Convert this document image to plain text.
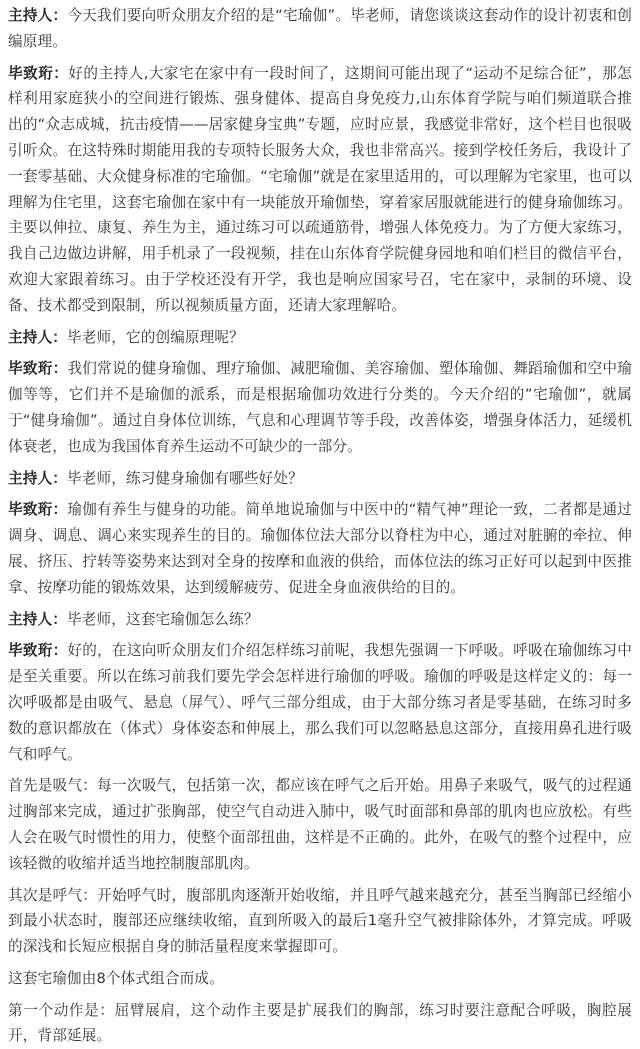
主持人：今天我们要向听众朋友介绍的是“宅瑜伽”。毕老师，请您谈谈这套动作的设计初衷和创编原理。

毕致珩：好的主持人,大家宅在家中有一段时间了，这期间可能出现了“运动不足综合征”，那怎样利用家庭狭小的空间进行锻炼、强身健体、提高自身免疫力,山东体育学院与咱们频道联合推出的“众志成城，抗击疫情——居家健身宝典”专题，应时应景，我感觉非常好，这个栏目也很吸引听众。在这特殊时期能用我的专项特长服务大众，我也非常高兴。接到学校任务后，我设计了一套零基础、大众健身标准的宅瑜伽。“宅瑜伽”就是在家里适用的，可以理解为宅家里，也可以理解为住宅里，这套宅瑜伽在家中有一块能放开瑜伽垫，穿着家居服就能进行的健身瑜伽练习。主要以伸拉、康复、养生为主，通过练习可以疏通筋骨，增强人体免疫力。为了方便大家练习，我自己边做边讲解，用手机录了一段视频，挂在山东体育学院健身园地和咱们栏目的微信平台，欢迎大家跟着练习。由于学校还没有开学，我也是响应国家号召，宅在家中，录制的环境、设备、技术都受到限制，所以视频质量方面，还请大家理解哈。

主持人：毕老师，它的创编原理呢？

毕致珩：我们常说的健身瑜伽、理疗瑜伽、减肥瑜伽、美容瑜伽、塑体瑜伽、舞蹈瑜伽和空中瑜伽等等，它们并不是瑜伽的派系，而是根据瑜伽功效进行分类的。今天介绍的”宅瑜伽”，就属于“健身瑜伽”。通过自身体位训练，气息和心理调节等手段，改善体姿，增强身体活力，延缓机体衰老，也成为我国体育养生运动不可缺少的一部分。

主持人：毕老师，练习健身瑜伽有哪些好处？

毕致珩：瑜伽有养生与健身的功能。简单地说瑜伽与中医中的“精气神”理论一致，二者都是通过调身、调息、调心来实现养生的目的。瑜伽体位法大部分以脊柱为中心，通过对脏腑的牵拉、伸展、挤压、拧转等姿势来达到对全身的按摩和血液的供给，而体位法的练习正好可以起到中医推拿、按摩功能的锻炼效果，达到缓解疲劳、促进全身血液供给的目的。

主持人：毕老师，这套宅瑜伽怎么练？

毕致珩：好的，在这向听众朋友们介绍怎样练习前呢，我想先强调一下呼吸。呼吸在瑜伽练习中是至关重要。所以在练习前我们要先学会怎样进行瑜伽的呼吸。瑜伽的呼吸是这样定义的：每一次呼吸都是由吸气、悬息（屏气）、呼气三部分组成，由于大部分练习者是零基础，在练习时多数的意识都放在（体式）身体姿态和伸展上，那么我们可以忽略悬息这部分，直接用鼻孔进行吸气和呼气。

首先是吸气：每一次吸气，包括第一次，都应该在呼气之后开始。用鼻子来吸气，吸气的过程通过胸部来完成，通过扩张胸部，使空气自动进入肺中，吸气时面部和鼻部的肌肉也应放松。有些人会在吸气时惯性的用力，使整个面部扭曲，这样是不正确的。此外，在吸气的整个过程中，应该轻微的收缩并适当地控制腹部肌肉。

其次是呼气：开始呼气时，腹部肌肉逐渐开始收缩，并且呼气越来越充分，甚至当胸部已经缩小到最小状态时，腹部还应继续收缩，直到所吸入的最后1毫升空气被排除体外，才算完成。呼吸的深浅和长短应根据自身的肺活量程度来掌握即可。

这套宅瑜伽由8个体式组合而成。

第一个动作是：屈臂展肩，这个动作主要是扩展我们的胸部，练习时要注意配合呼吸，胸腔展开，背部延展。
